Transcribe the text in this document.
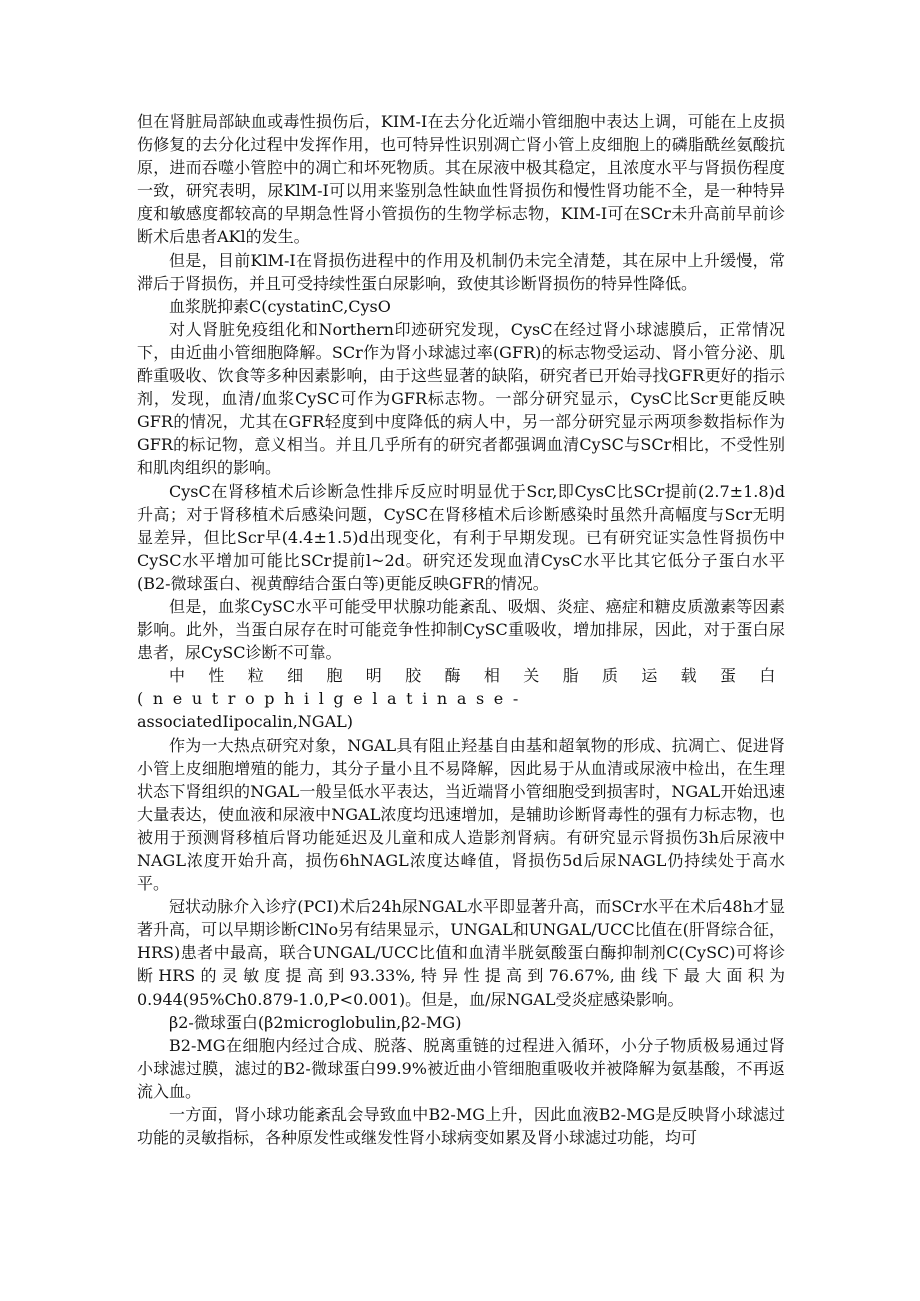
但在肾脏局部缺血或毒性损伤后，KIM-I在去分化近端小管细胞中表达上调，可能在上皮损伤修复的去分化过程中发挥作用，也可特异性识别凋亡肾小管上皮细胞上的磷脂酰丝氨酸抗原，进而吞噬小管腔中的凋亡和坏死物质。其在尿液中极其稳定，且浓度水平与肾损伤程度一致，研究表明，尿KlM-I可以用来鉴别急性缺血性肾损伤和慢性肾功能不全，是一种特异度和敏感度都较高的早期急性肾小管损伤的生物学标志物，KIM-I可在SCr未升高前早前诊断术后患者AKl的发生。

但是，目前KlM-I在肾损伤进程中的作用及机制仍未完全清楚，其在尿中上升缓慢，常滞后于肾损伤，并且可受持续性蛋白尿影响，致使其诊断肾损伤的特异性降低。

血浆胱抑素C(cystatinC,CysO

对人肾脏免疫组化和Northern印迹研究发现，CysC在经过肾小球滤膜后，正常情况下，由近曲小管细胞降解。SCr作为肾小球滤过率(GFR)的标志物受运动、肾小管分泌、肌酢重吸收、饮食等多种因素影响，由于这些显著的缺陷，研究者已开始寻找GFR更好的指示剂，发现，血清/血浆CySC可作为GFR标志物。一部分研究显示，CysC比Scr更能反映GFR的情况，尤其在GFR轻度到中度降低的病人中，另一部分研究显示两项参数指标作为GFR的标记物，意义相当。并且几乎所有的研究者都强调血清CySC与SCr相比，不受性别和肌肉组织的影响。

CysC在肾移植术后诊断急性排斥反应时明显优于Scr,即CysC比SCr提前(2.7±1.8)d升高；对于肾移植术后感染问题，CySC在肾移植术后诊断感染时虽然升高幅度与Scr无明显差异，但比Scr早(4.4±1.5)d出现变化，有利于早期发现。已有研究证实急性肾损伤中CySC水平增加可能比SCr提前l~2d。研究还发现血清CysC水平比其它低分子蛋白水平(B2-微球蛋白、视黄醇结合蛋白等)更能反映GFR的情况。

但是，血浆CySC水平可能受甲状腺功能紊乱、吸烟、炎症、癌症和糖皮质激素等因素影响。此外，当蛋白尿存在时可能竞争性抑制CySC重吸收，增加排尿，因此，对于蛋白尿患者，尿CySC诊断不可靠。

中性粒细胞明胶酶相关脂质运载蛋白(neutrophilgelatinase-

associatedIipocalin,NGAL)

作为一大热点研究对象，NGAL具有阻止羟基自由基和超氧物的形成、抗凋亡、促进肾小管上皮细胞增殖的能力，其分子量小且不易降解，因此易于从血清或尿液中检出，在生理状态下肾组织的NGAL一般呈低水平表达，当近端肾小管细胞受到损害时，NGAL开始迅速大量表达，使血液和尿液中NGAL浓度均迅速增加，是辅助诊断肾毒性的强有力标志物，也被用于预测肾移植后肾功能延迟及儿童和成人造影剂肾病。有研究显示肾损伤3h后尿液中NAGL浓度开始升高，损伤6hNAGL浓度达峰值，肾损伤5d后尿NAGL仍持续处于高水平。

冠状动脉介入诊疗(PCI)术后24h尿NGAL水平即显著升高，而SCr水平在术后48h才显著升高，可以早期诊断ClNo另有结果显示，UNGAL和UNGAL/UCC比值在(肝肾综合征，HRS)患者中最高，联合UNGAL/UCC比值和血清半胱氨酸蛋白酶抑制剂C(CySC)可将诊断HRS的灵敏度提高到93.33%,特异性提高到76.67%,曲线下最大面积为0.944(95%Ch0.879-1.0,P<0.001)。但是，血/尿NGAL受炎症感染影响。

β2-微球蛋白(β2microglobulin,β2-MG)

B2-MG在细胞内经过合成、脱落、脱离重链的过程进入循环，小分子物质极易通过肾小球滤过膜，滤过的B2-微球蛋白99.9%被近曲小管细胞重吸收并被降解为氨基酸，不再返流入血。

一方面，肾小球功能紊乱会导致血中B2-MG上升，因此血液B2-MG是反映肾小球滤过功能的灵敏指标，各种原发性或继发性肾小球病变如累及肾小球滤过功能，均可
